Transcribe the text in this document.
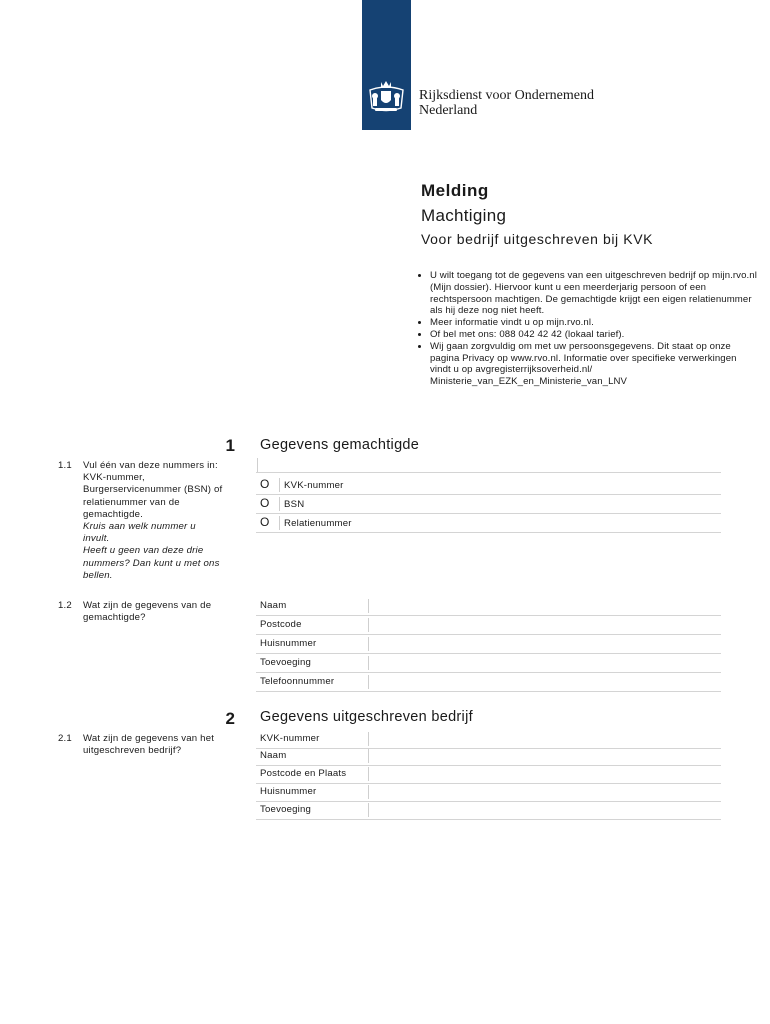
Rijksdienst voor Ondernemend
Nederland
Melding
Machtiging
Voor bedrijf uitgeschreven bij KVK
• U wilt toegang tot de gegevens van een uitgeschreven bedrijf op mijn.rvo.nl (Mijn dossier). Hiervoor kunt u een meerderjarig persoon of een rechtspersoon machtigen. De gemachtigde krijgt een eigen relatienummer als hij deze nog niet heeft.
• Meer informatie vindt u op mijn.rvo.nl.
• Of bel met ons: 088 042 42 42 (lokaal tarief).
• Wij gaan zorgvuldig om met uw persoonsgegevens. Dit staat op onze pagina Privacy op www.rvo.nl. Informatie over specifieke verwerkingen vindt u op avgregisterrijksoverheid.nl/ Ministerie_van_EZK_en_Ministerie_van_LNV
1 Gegevens gemachtigde
1.1 Vul één van deze nummers in:
KVK-nummer,
Burgerservicenummer (BSN) of
relatienummer van de
gemachtigde.
Kruis aan welk nummer u
invult.
Heeft u geen van deze drie
nummers? Dan kunt u met ons
bellen.
O KVK-nummer
O BSN
O Relatienummer
1.2 Wat zijn de gegevens van de
gemachtigde?
Naam
Postcode
Huisnummer
Toevoeging
Telefoonnummer
2 Gegevens uitgeschreven bedrijf
2.1 Wat zijn de gegevens van het
uitgeschreven bedrijf?
KVK-nummer
Naam
Postcode en Plaats
Huisnummer
Toevoeging
